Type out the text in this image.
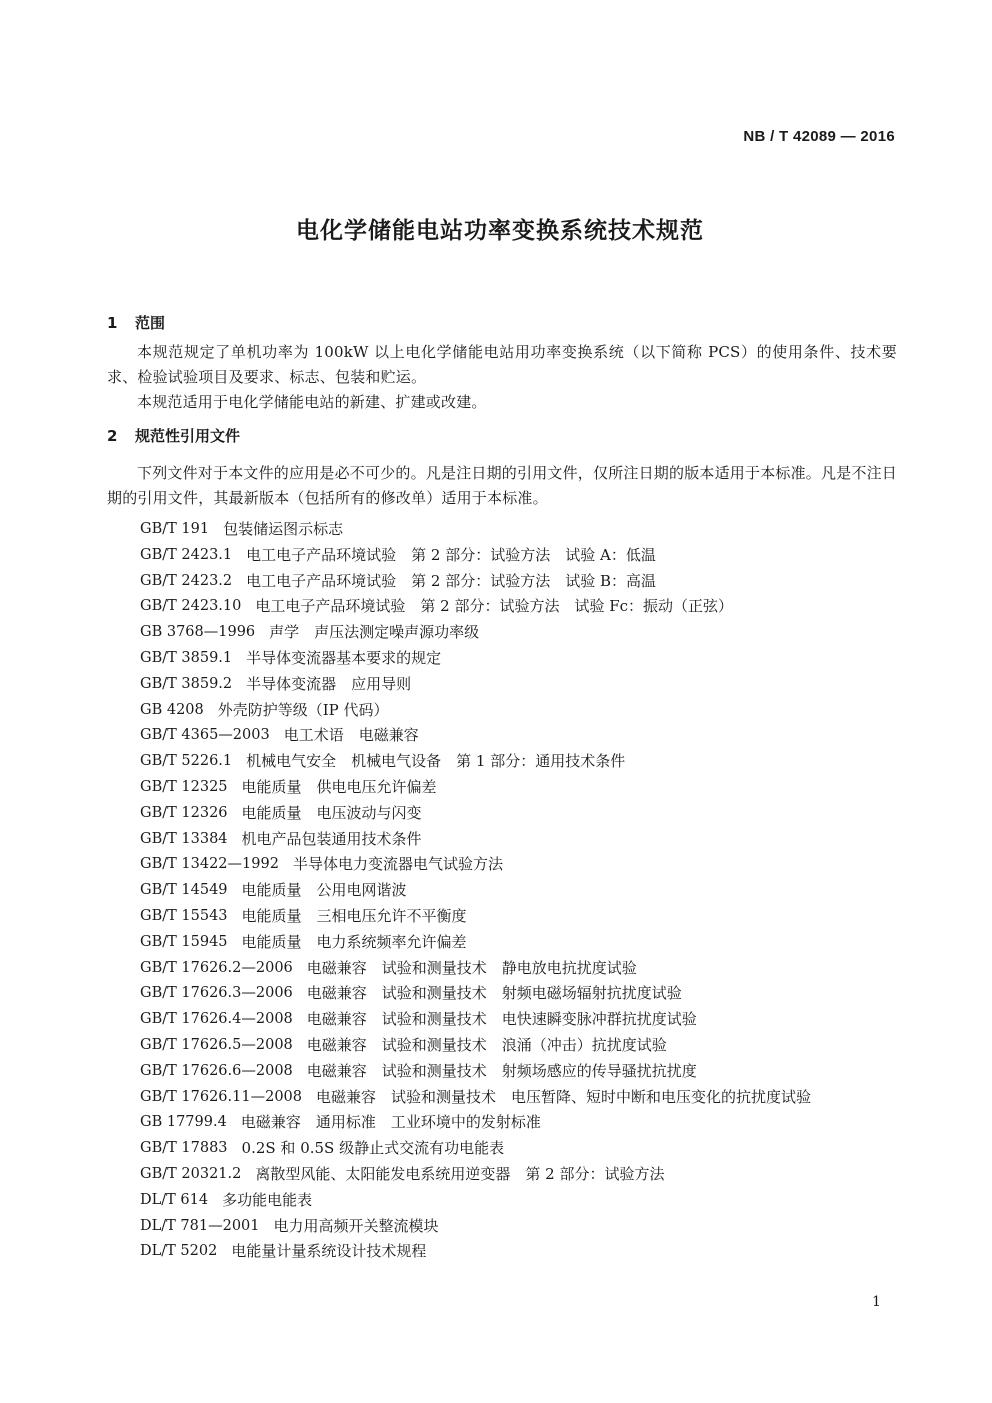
NB / T 42089 — 2016
电化学储能电站功率变换系统技术规范
1	范围

本规范规定了单机功率为 100kW 以上电化学储能电站用功率变换系统（以下简称 PCS）的使用条件、技术要求、检验试验项目及要求、标志、包装和贮运。

本规范适用于电化学储能电站的新建、扩建或改建。

2	规范性引用文件

下列文件对于本文件的应用是必不可少的。凡是注日期的引用文件，仅所注日期的版本适用于本标准。凡是不注日期的引用文件，其最新版本（包括所有的修改单）适用于本标准。

GB/T 191 包装储运图示标志
GB/T 2423.1 电工电子产品环境试验　第 2 部分：试验方法　试验 A：低温
GB/T 2423.2 电工电子产品环境试验　第 2 部分：试验方法　试验 B：高温
GB/T 2423.10 电工电子产品环境试验　第 2 部分：试验方法　试验 Fc：振动（正弦）
GB 3768—1996 声学　声压法测定噪声源功率级
GB/T 3859.1 半导体变流器基本要求的规定
GB/T 3859.2 半导体变流器　应用导则
GB 4208 外壳防护等级（IP 代码）
GB/T 4365—2003 电工术语　电磁兼容
GB/T 5226.1 机械电气安全　机械电气设备　第 1 部分：通用技术条件
GB/T 12325 电能质量　供电电压允许偏差
GB/T 12326 电能质量　电压波动与闪变
GB/T 13384 机电产品包装通用技术条件
GB/T 13422—1992 半导体电力变流器电气试验方法
GB/T 14549 电能质量　公用电网谐波
GB/T 15543 电能质量　三相电压允许不平衡度
GB/T 15945 电能质量　电力系统频率允许偏差
GB/T 17626.2—2006 电磁兼容　试验和测量技术　静电放电抗扰度试验
GB/T 17626.3—2006 电磁兼容　试验和测量技术　射频电磁场辐射抗扰度试验
GB/T 17626.4—2008 电磁兼容　试验和测量技术　电快速瞬变脉冲群抗扰度试验
GB/T 17626.5—2008 电磁兼容　试验和测量技术　浪涌（冲击）抗扰度试验
GB/T 17626.6—2008 电磁兼容　试验和测量技术　射频场感应的传导骚扰抗扰度
GB/T 17626.11—2008 电磁兼容　试验和测量技术　电压暂降、短时中断和电压变化的抗扰度试验
GB 17799.4 电磁兼容　通用标准　工业环境中的发射标准
GB/T 17883 0.2S 和 0.5S 级静止式交流有功电能表
GB/T 20321.2 离散型风能、太阳能发电系统用逆变器　第 2 部分：试验方法
DL/T 614 多功能电能表
DL/T 781—2001 电力用高频开关整流模块
DL/T 5202 电能量计量系统设计技术规程
1
